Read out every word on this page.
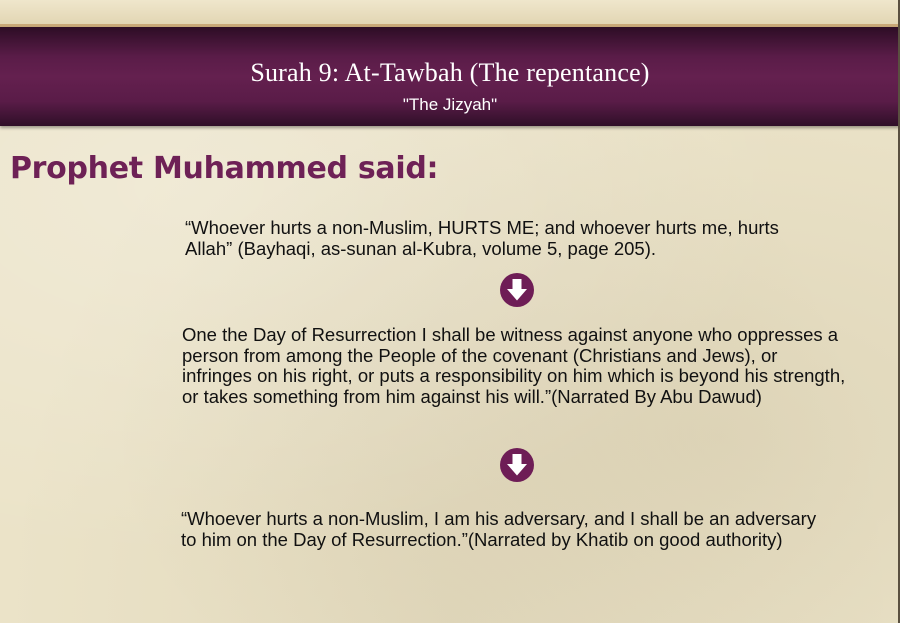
Surah 9: At-Tawbah (The repentance)
"The Jizyah"
Prophet Muhammed said:

“Whoever hurts a non-Muslim, HURTS ME; and whoever hurts me, hurts Allah” (Bayhaqi, as-sunan al-Kubra, volume 5, page 205).

One the Day of Resurrection I shall be witness against anyone who oppresses a person from among the People of the covenant (Christians and Jews), or infringes on his right, or puts a responsibility on him which is beyond his strength, or takes something from him against his will.”(Narrated By Abu Dawud)

“Whoever hurts a non-Muslim, I am his adversary, and I shall be an adversary to him on the Day of Resurrection.”(Narrated by Khatib on good authority)
